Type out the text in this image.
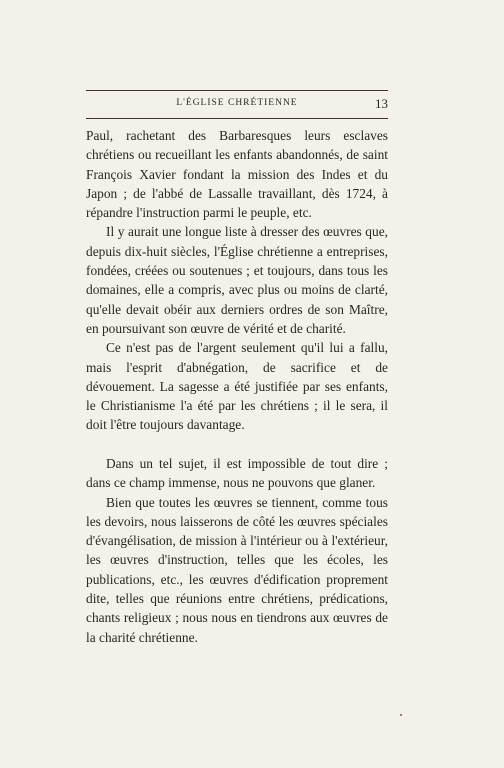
L'ÉGLISE CHRÉTIENNE	13

Paul, rachetant des Barbaresques leurs esclaves chrétiens ou recueillant les enfants abandonnés, de saint François Xavier fondant la mission des Indes et du Japon ; de l'abbé de Lassalle travaillant, dès 1724, à répandre l'instruction parmi le peuple, etc.

Il y aurait une longue liste à dresser des œuvres que, depuis dix-huit siècles, l'Église chrétienne a entreprises, fondées, créées ou soutenues ; et toujours, dans tous les domaines, elle a compris, avec plus ou moins de clarté, qu'elle devait obéir aux derniers ordres de son Maître, en poursuivant son œuvre de vérité et de charité.

Ce n'est pas de l'argent seulement qu'il lui a fallu, mais l'esprit d'abnégation, de sacrifice et de dévouement. La sagesse a été justifiée par ses enfants, le Christianisme l'a été par les chrétiens ; il le sera, il doit l'être toujours davantage.

Dans un tel sujet, il est impossible de tout dire ; dans ce champ immense, nous ne pouvons que glaner.

Bien que toutes les œuvres se tiennent, comme tous les devoirs, nous laisserons de côté les œuvres spéciales d'évangélisation, de mission à l'intérieur ou à l'extérieur, les œuvres d'instruction, telles que les écoles, les publications, etc., les œuvres d'édification proprement dite, telles que réunions entre chrétiens, prédications, chants religieux ; nous nous en tiendrons aux œuvres de la charité chrétienne.
